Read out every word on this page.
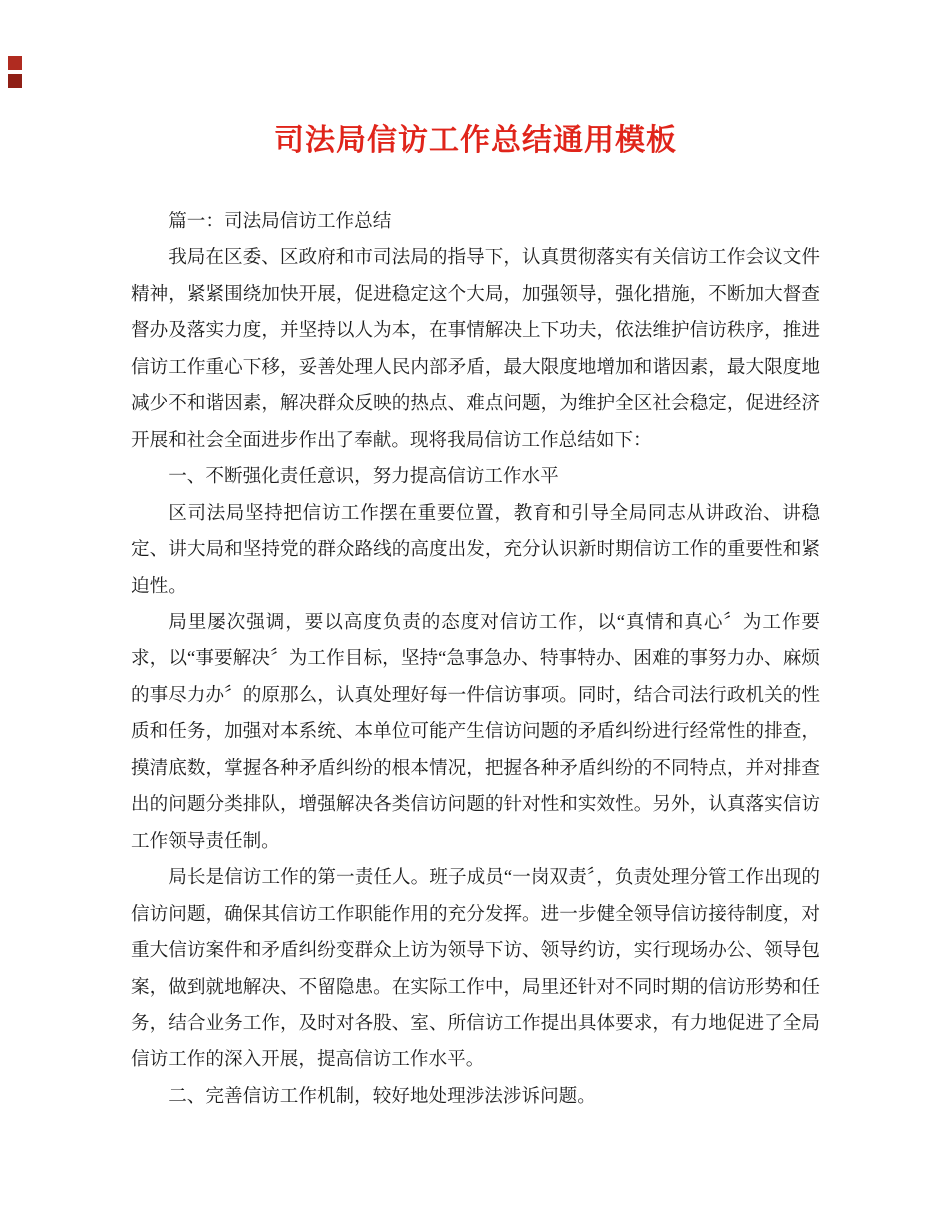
司法局信访工作总结通用模板

篇一：司法局信访工作总结

我局在区委、区政府和市司法局的指导下，认真贯彻落实有关信访工作会议文件精神，紧紧围绕加快开展，促进稳定这个大局，加强领导，强化措施，不断加大督查督办及落实力度，并坚持以人为本，在事情解决上下功夫，依法维护信访秩序，推进信访工作重心下移，妥善处理人民内部矛盾，最大限度地增加和谐因素，最大限度地减少不和谐因素，解决群众反映的热点、难点问题，为维护全区社会稳定，促进经济开展和社会全面进步作出了奉献。现将我局信访工作总结如下：

一、不断强化责任意识，努力提高信访工作水平

区司法局坚持把信访工作摆在重要位置，教育和引导全局同志从讲政治、讲稳定、讲大局和坚持党的群众路线的高度出发，充分认识新时期信访工作的重要性和紧迫性。

局里屡次强调，要以高度负责的态度对信访工作，以“真情和真心〞为工作要求，以“事要解决〞为工作目标，坚持“急事急办、特事特办、困难的事努力办、麻烦的事尽力办〞的原那么，认真处理好每一件信访事项。同时，结合司法行政机关的性质和任务，加强对本系统、本单位可能产生信访问题的矛盾纠纷进行经常性的排查，摸清底数，掌握各种矛盾纠纷的根本情况，把握各种矛盾纠纷的不同特点，并对排查出的问题分类排队，增强解决各类信访问题的针对性和实效性。另外，认真落实信访工作领导责任制。

局长是信访工作的第一责任人。班子成员“一岗双责〞，负责处理分管工作出现的信访问题，确保其信访工作职能作用的充分发挥。进一步健全领导信访接待制度，对重大信访案件和矛盾纠纷变群众上访为领导下访、领导约访，实行现场办公、领导包案，做到就地解决、不留隐患。在实际工作中，局里还针对不同时期的信访形势和任务，结合业务工作，及时对各股、室、所信访工作提出具体要求，有力地促进了全局信访工作的深入开展，提高信访工作水平。

二、完善信访工作机制，较好地处理涉法涉诉问题。
